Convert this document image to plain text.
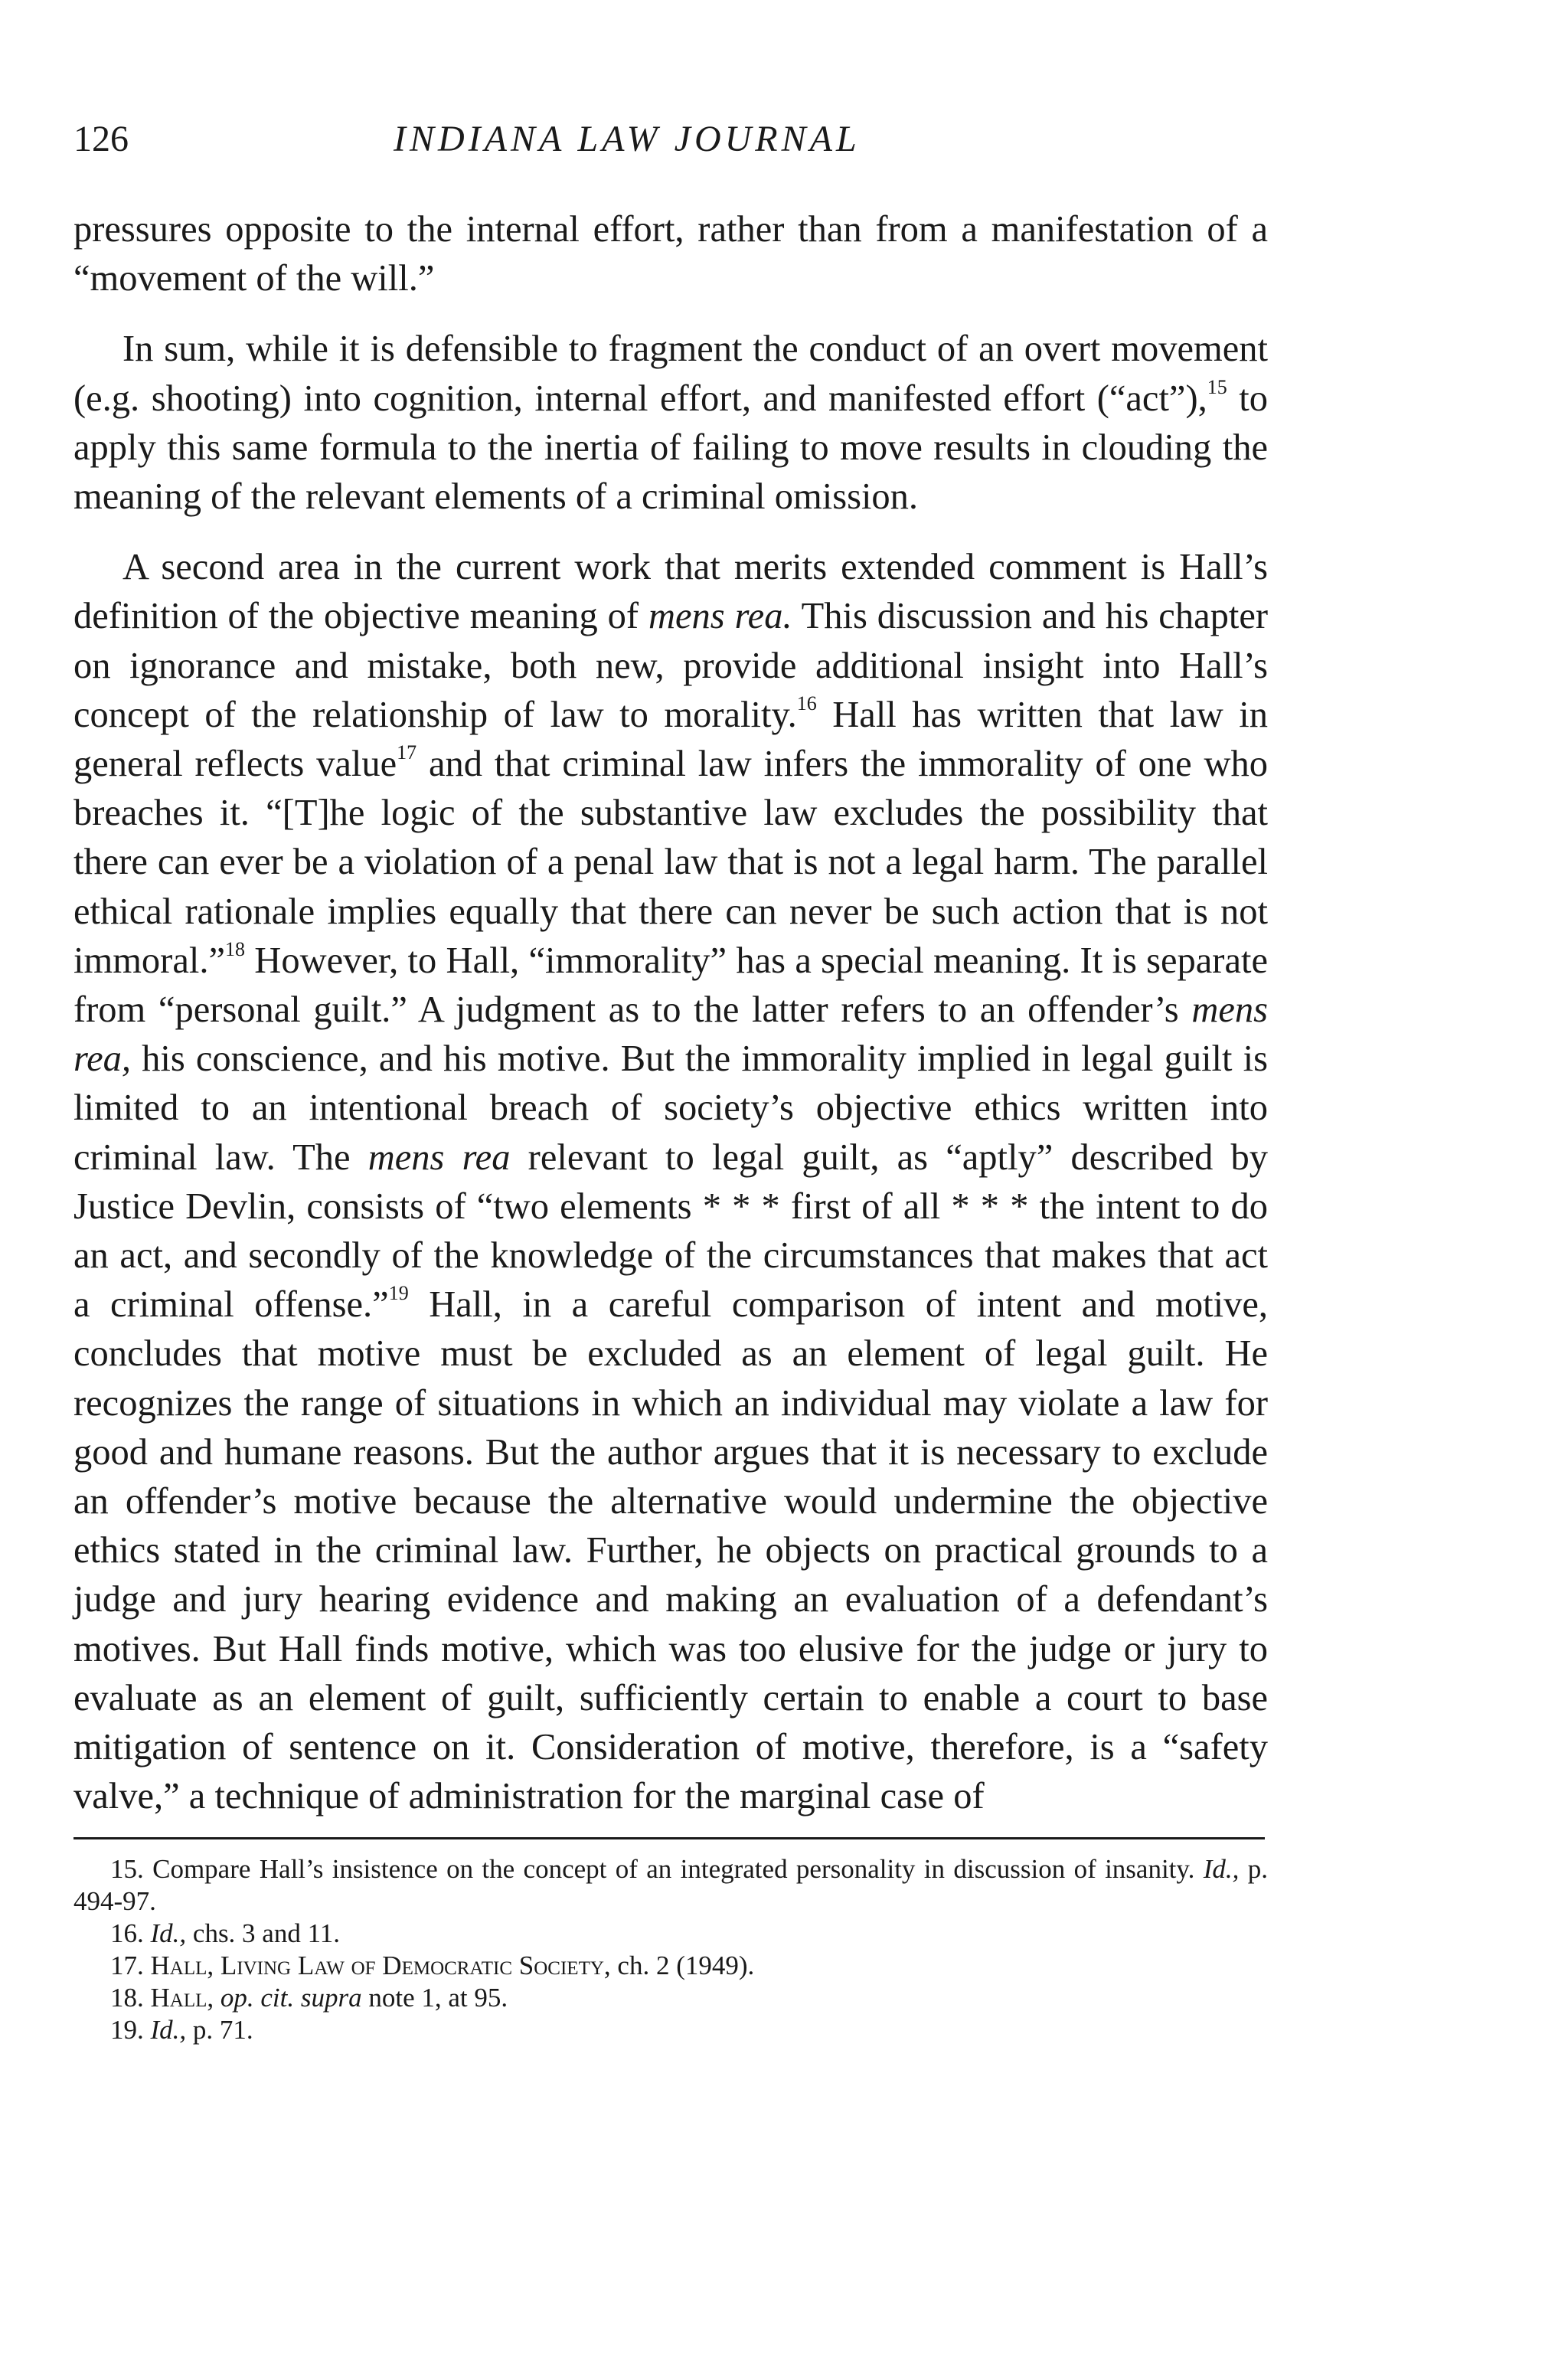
126	INDIANA LAW JOURNAL

pressures opposite to the internal effort, rather than from a manifestation of a “movement of the will.”

In sum, while it is defensible to fragment the conduct of an overt movement (e.g. shooting) into cognition, internal effort, and manifested effort (“act”),$^{15}$ to apply this same formula to the inertia of failing to move results in clouding the meaning of the relevant elements of a criminal omission.

A second area in the current work that merits extended comment is Hall’s definition of the objective meaning of mens rea. This discussion and his chapter on ignorance and mistake, both new, provide additional insight into Hall’s concept of the relationship of law to morality.$^{16}$ Hall has written that law in general reflects value$^{17}$ and that criminal law infers the immorality of one who breaches it. “[T]he logic of the substantive law excludes the possibility that there can ever be a violation of a penal law that is not a legal harm. The parallel ethical rationale implies equally that there can never be such action that is not immoral.”$^{18}$ However, to Hall, “immorality” has a special meaning. It is separate from “personal guilt.” A judgment as to the latter refers to an offender’s mens rea, his conscience, and his motive. But the immorality implied in legal guilt is limited to an intentional breach of society’s objective ethics written into criminal law. The mens rea relevant to legal guilt, as “aptly” described by Justice Devlin, consists of “two elements * * * first of all * * * the intent to do an act, and secondly of the knowledge of the circumstances that makes that act a criminal offense.”$^{19}$ Hall, in a careful comparison of intent and motive, concludes that motive must be excluded as an element of legal guilt. He recognizes the range of situations in which an individual may violate a law for good and humane reasons. But the author argues that it is necessary to exclude an offender’s motive because the alternative would undermine the objective ethics stated in the criminal law. Further, he objects on practical grounds to a judge and jury hearing evidence and making an evaluation of a defendant’s motives. But Hall finds motive, which was too elusive for the judge or jury to evaluate as an element of guilt, sufficiently certain to enable a court to base mitigation of sentence on it. Consideration of motive, therefore, is a “safety valve,” a technique of administration for the marginal case of

15. Compare Hall’s insistence on the concept of an integrated personality in discussion of insanity. Id., p. 494-97.
16. Id., chs. 3 and 11.
17. Hall, Living Law of Democratic Society, ch. 2 (1949).
18. Hall, op. cit. supra note 1, at 95.
19. Id., p. 71.
